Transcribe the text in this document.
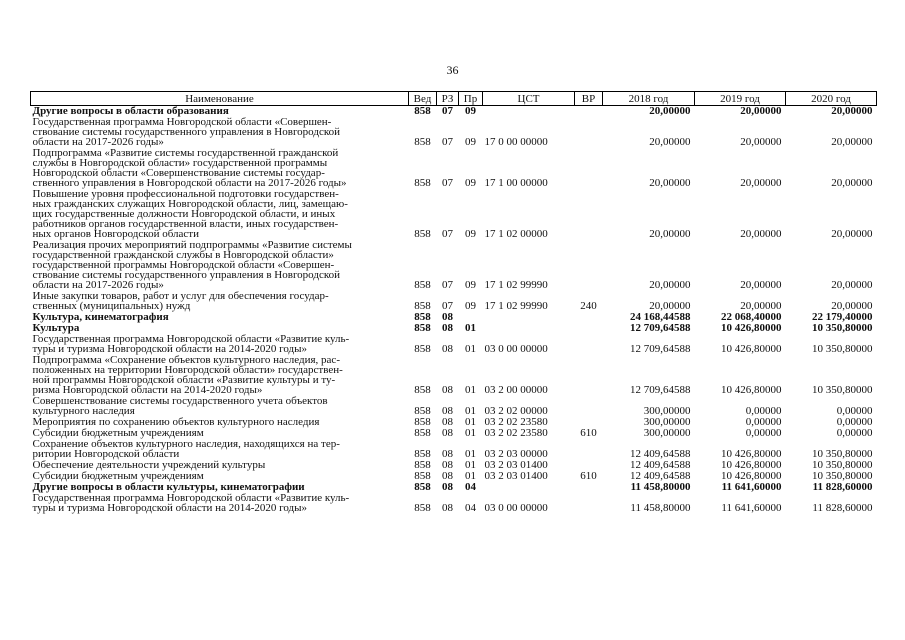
36
Наименование	Вед	РЗ	Пр	ЦСТ	ВР	2018 год	2019 год	2020 год
Другие вопросы в области образования	858	07	09			20,00000	20,00000	20,00000
Государственная программа Новгородской области «Совершен-
ствование системы государственного управления в Новгородской
области на 2017-2026 годы»	858	07	09	17 0 00 00000		20,00000	20,00000	20,00000
Подпрограмма «Развитие системы государственной гражданской
службы в Новгородской области» государственной программы
Новгородской области «Совершенствование системы государ-
ственного управления в Новгородской области на 2017-2026 годы»	858	07	09	17 1 00 00000		20,00000	20,00000	20,00000
Повышение уровня профессиональной подготовки государствен-
ных гражданских служащих Новгородской области, лиц, замещаю-
щих государственные должности Новгородской области, и иных
работников органов государственной власти, иных государствен-
ных органов Новгородской области	858	07	09	17 1 02 00000		20,00000	20,00000	20,00000
Реализация прочих мероприятий подпрограммы «Развитие системы
государственной гражданской службы в Новгородской области»
государственной программы Новгородской области «Совершен-
ствование системы государственного управления в Новгородской
области на 2017-2026 годы»	858	07	09	17 1 02 99990		20,00000	20,00000	20,00000
Иные закупки товаров, работ и услуг для обеспечения государ-
ственных (муниципальных) нужд	858	07	09	17 1 02 99990	240	20,00000	20,00000	20,00000
Культура, кинематография	858	08				24 168,44588	22 068,40000	22 179,40000
Культура	858	08	01			12 709,64588	10 426,80000	10 350,80000
Государственная программа Новгородской области «Развитие куль-
туры и туризма Новгородской области на 2014-2020 годы»	858	08	01	03 0 00 00000		12 709,64588	10 426,80000	10 350,80000
Подпрограмма «Сохранение объектов культурного наследия, рас-
положенных на территории Новгородской области» государствен-
ной программы Новгородской области «Развитие культуры и ту-
ризма Новгородской области на 2014-2020 годы»	858	08	01	03 2 00 00000		12 709,64588	10 426,80000	10 350,80000
Совершенствование системы государственного учета объектов
культурного наследия	858	08	01	03 2 02 00000		300,00000	0,00000	0,00000
Мероприятия по сохранению объектов культурного наследия	858	08	01	03 2 02 23580		300,00000	0,00000	0,00000
Субсидии бюджетным учреждениям	858	08	01	03 2 02 23580	610	300,00000	0,00000	0,00000
Сохранение объектов культурного наследия, находящихся на тер-
ритории Новгородской области	858	08	01	03 2 03 00000		12 409,64588	10 426,80000	10 350,80000
Обеспечение деятельности учреждений культуры	858	08	01	03 2 03 01400		12 409,64588	10 426,80000	10 350,80000
Субсидии бюджетным учреждениям	858	08	01	03 2 03 01400	610	12 409,64588	10 426,80000	10 350,80000
Другие вопросы в области культуры, кинематографии	858	08	04			11 458,80000	11 641,60000	11 828,60000
Государственная программа Новгородской области «Развитие куль-
туры и туризма Новгородской области на 2014-2020 годы»	858	08	04	03 0 00 00000		11 458,80000	11 641,60000	11 828,60000
